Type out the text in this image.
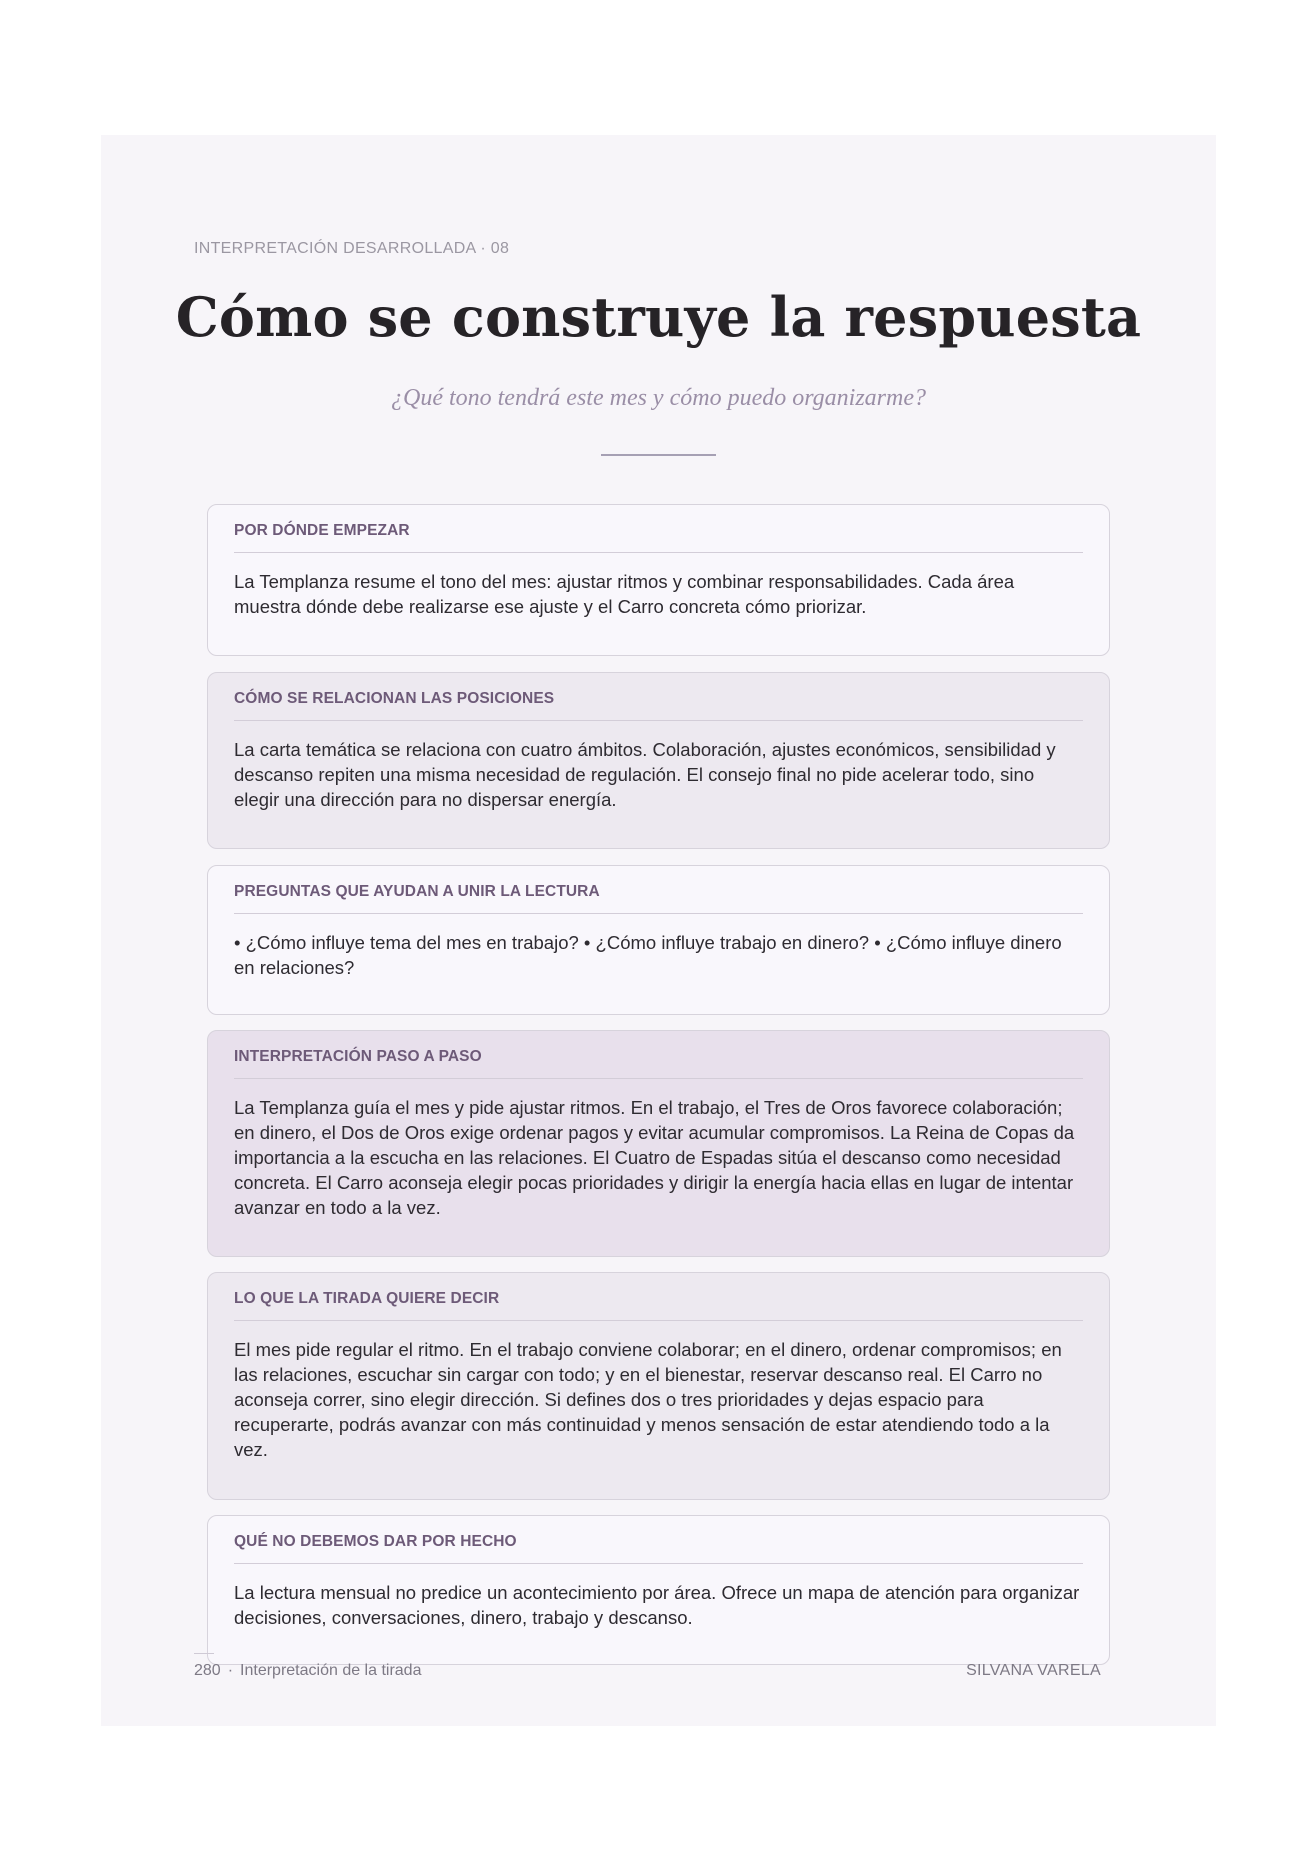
INTERPRETACIÓN DESARROLLADA · 08
Cómo se construye la respuesta
¿Qué tono tendrá este mes y cómo puedo organizarme?
POR DÓNDE EMPEZAR
La Templanza resume el tono del mes: ajustar ritmos y combinar responsabilidades. Cada área muestra dónde debe realizarse ese ajuste y el Carro concreta cómo priorizar.
CÓMO SE RELACIONAN LAS POSICIONES
La carta temática se relaciona con cuatro ámbitos. Colaboración, ajustes económicos, sensibilidad y descanso repiten una misma necesidad de regulación. El consejo final no pide acelerar todo, sino elegir una dirección para no dispersar energía.
PREGUNTAS QUE AYUDAN A UNIR LA LECTURA
• ¿Cómo influye tema del mes en trabajo? • ¿Cómo influye trabajo en dinero? • ¿Cómo influye dinero en relaciones?
INTERPRETACIÓN PASO A PASO
La Templanza guía el mes y pide ajustar ritmos. En el trabajo, el Tres de Oros favorece colaboración; en dinero, el Dos de Oros exige ordenar pagos y evitar acumular compromisos. La Reina de Copas da importancia a la escucha en las relaciones. El Cuatro de Espadas sitúa el descanso como necesidad concreta. El Carro aconseja elegir pocas prioridades y dirigir la energía hacia ellas en lugar de intentar avanzar en todo a la vez.
LO QUE LA TIRADA QUIERE DECIR
El mes pide regular el ritmo. En el trabajo conviene colaborar; en el dinero, ordenar compromisos; en las relaciones, escuchar sin cargar con todo; y en el bienestar, reservar descanso real. El Carro no aconseja correr, sino elegir dirección. Si defines dos o tres prioridades y dejas espacio para recuperarte, podrás avanzar con más continuidad y menos sensación de estar atendiendo todo a la vez.
QUÉ NO DEBEMOS DAR POR HECHO
La lectura mensual no predice un acontecimiento por área. Ofrece un mapa de atención para organizar decisiones, conversaciones, dinero, trabajo y descanso.
280 · Interpretación de la tirada	SILVANA VARELA
